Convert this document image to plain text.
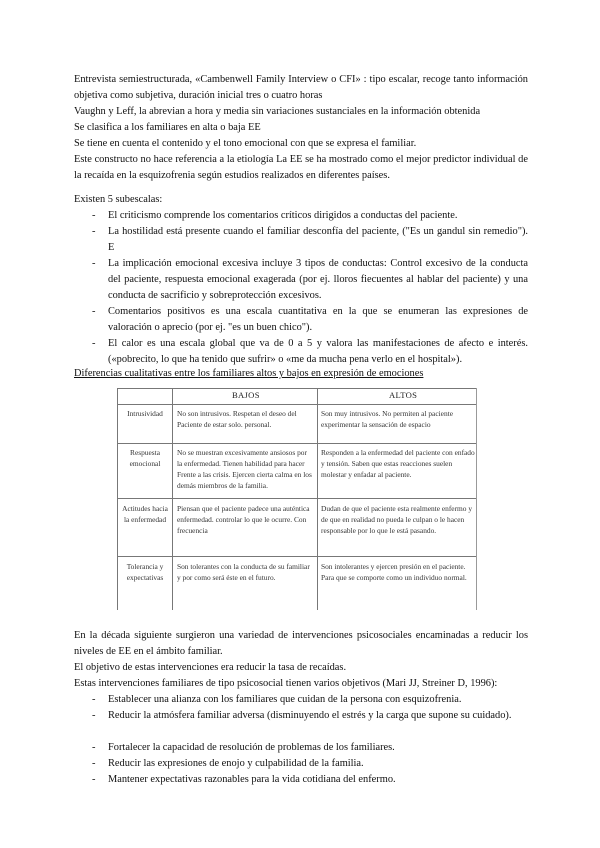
Entrevista semiestructurada, «Cambenwell Family Interview o CFI» : tipo escalar, recoge tanto información objetiva como subjetiva, duración inicial tres o cuatro horas

Vaughn y Leff, la abrevian a hora y media sin variaciones sustanciales en la información obtenida

Se clasifica a los familiares en alta o baja EE

Se tiene en cuenta el contenido y el tono emocional con que se expresa el familiar.

Este constructo no hace referencia a la etiología La EE se ha mostrado como el mejor predictor individual de la recaída en la esquizofrenia según estudios realizados en diferentes países.

Existen 5 subescalas:

- El criticismo comprende los comentarios críticos dirigidos a conductas del paciente.
- La hostilidad está presente cuando el familiar desconfía del paciente, ("Es un gandul sin remedio"). E
- La implicación emocional excesiva incluye 3 tipos de conductas: Control excesivo de la conducta del paciente, respuesta emocional exagerada (por ej. lloros fiecuentes al hablar del paciente) y una conducta de sacrificio y sobreprotección excesivos.
- Comentarios positivos es una escala cuantitativa en la que se enumeran las expresiones de valoración o aprecio (por ej. "es un buen chico").
- El calor es una escala global que va de 0 a 5 y valora las manifestaciones de afecto e interés. («pobrecito, lo que ha tenido que sufrir» o «me da mucha pena verlo en el hospital»).

Diferencias cualitativas entre los familiares altos y bajos en expresión de emociones

BAJOS	ALTOS
Intrusividad	No son intrusivos. Respetan el deseo del Paciente de estar solo. personal.
Son muy intrusivos. No permiten al paciente experimentar la sensación de espacio
Respuesta emocional
No se muestran excesivamente ansiosos por la enfermedad. Tienen habilidad para hacer Frente a las crisis. Ejercen cierta calma en los demás miembros de la familia.
Responden a la enfermedad del paciente con enfado y tensión. Saben que estas reacciones suelen molestar y enfadar al paciente.
Actitudes hacia la enfermedad
Piensan que el paciente padece una auténtica enfermedad. controlar lo que le ocurre. Con frecuencia
Dudan de que el paciente esta realmente enfermo y de que en realidad no pueda le culpan o le hacen responsable por lo que le está pasando.
Tolerancia y expectativas
Son tolerantes con la conducta de su familiar y por como será éste en el futuro.
Son intolerantes y ejercen presión en el paciente. Para que se comporte como un individuo normal.

En la década siguiente surgieron una variedad de intervenciones psicosociales encaminadas a reducir los niveles de EE en el ámbito familiar.

El objetivo de estas intervenciones era reducir la tasa de recaídas.

Estas intervenciones familiares de tipo psicosocial tienen varios objetivos (Mari JJ, Streiner D, 1996):

- Establecer una alianza con los familiares que cuidan de la persona con esquizofrenia.
- Reducir la atmósfera familiar adversa (disminuyendo el estrés y la carga que supone su cuidado).
- Fortalecer la capacidad de resolución de problemas de los familiares.
- Reducir las expresiones de enojo y culpabilidad de la familia.
- Mantener expectativas razonables para la vida cotidiana del enfermo.
